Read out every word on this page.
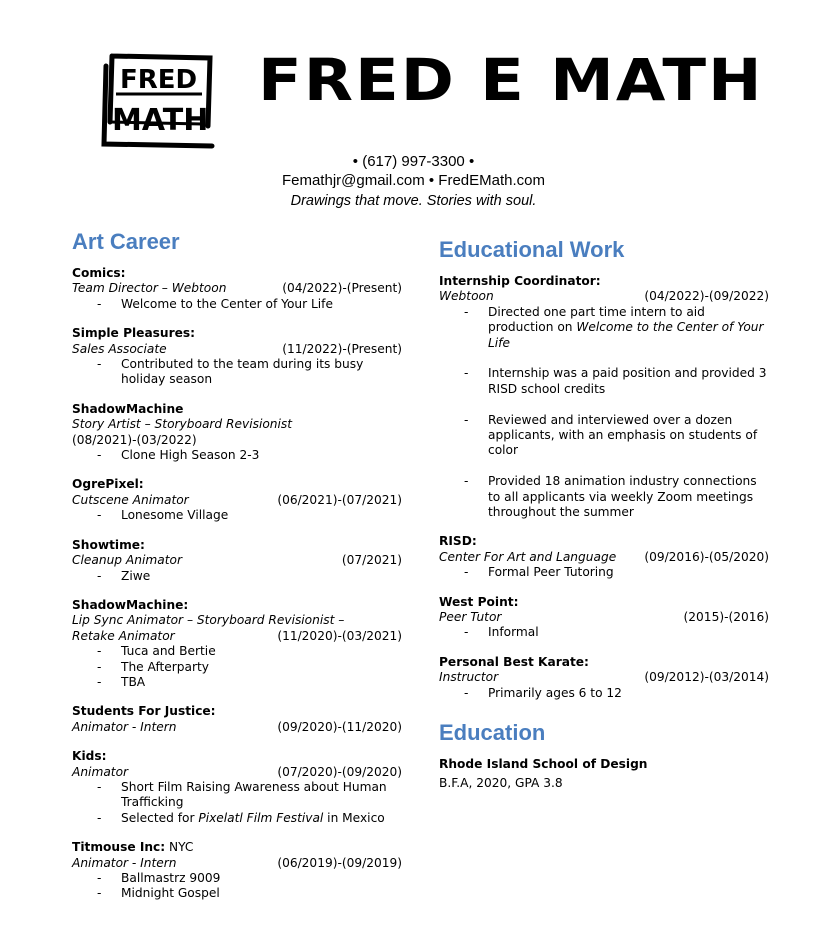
FRED
MATH
FRED E MATH
• (617) 997-3300 •
Femathjr@gmail.com • FredEMath.com
Drawings that move. Stories with soul.
Art Career
Comics:
Team Director – Webtoon	(04/2022)-(Present)
- Welcome to the Center of Your Life
Simple Pleasures:
Sales Associate	(11/2022)-(Present)
- Contributed to the team during its busy holiday season
ShadowMachine
Story Artist – Storyboard Revisionist
(08/2021)-(03/2022)
- Clone High Season 2-3
OgrePixel:
Cutscene Animator	(06/2021)-(07/2021)
- Lonesome Village
Showtime:
Cleanup Animator	(07/2021)
- Ziwe
ShadowMachine:
Lip Sync Animator – Storyboard Revisionist –
Retake Animator	(11/2020)-(03/2021)
- Tuca and Bertie
- The Afterparty
- TBA
Students For Justice:
Animator - Intern	(09/2020)-(11/2020)
Kids:
Animator	(07/2020)-(09/2020)
- Short Film Raising Awareness about Human Trafficking
- Selected for Pixelatl Film Festival in Mexico
Titmouse Inc: NYC
Animator - Intern	(06/2019)-(09/2019)
- Ballmastrz 9009
- Midnight Gospel
Educational Work
Internship Coordinator:
Webtoon	(04/2022)-(09/2022)
- Directed one part time intern to aid production on Welcome to the Center of Your Life
- Internship was a paid position and provided 3 RISD school credits
- Reviewed and interviewed over a dozen applicants, with an emphasis on students of color
- Provided 18 animation industry connections to all applicants via weekly Zoom meetings throughout the summer
RISD:
Center For Art and Language (09/2016)-(05/2020)
- Formal Peer Tutoring
West Point:
Peer Tutor	(2015)-(2016)
- Informal
Personal Best Karate:
Instructor	(09/2012)-(03/2014)
- Primarily ages 6 to 12
Education
Rhode Island School of Design
B.F.A, 2020, GPA 3.8
